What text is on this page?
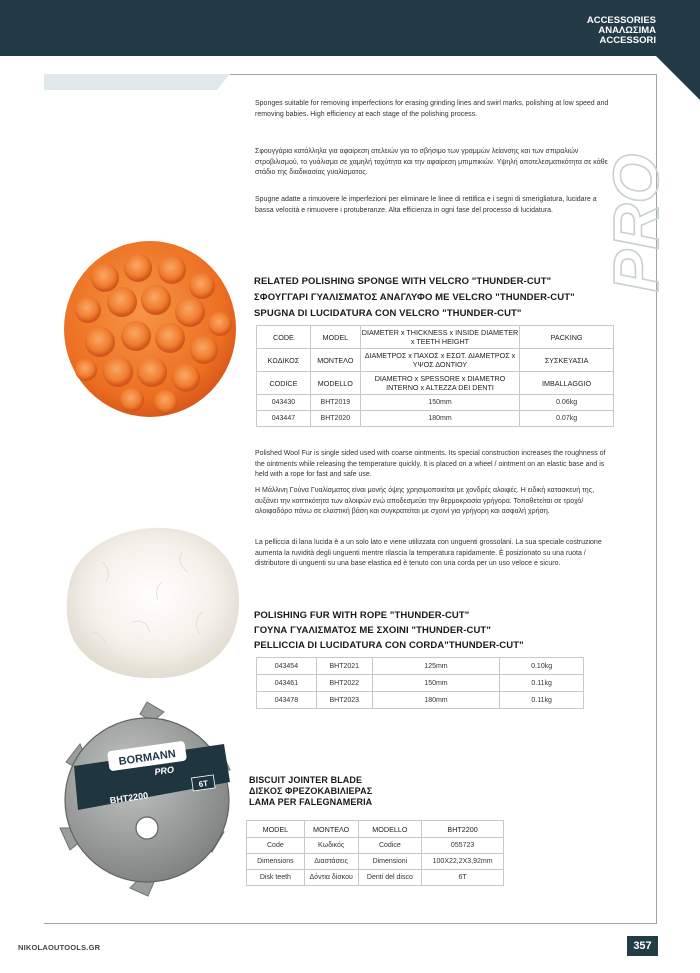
ACCESSORIES
ΑΝΑΛΩΣΙΜΑ
ACCESSORI
PRO
Sponges suitable for removing imperfections for erasing grinding lines and swirl marks, polishing at low speed and removing babies. High efficiency at each stage of the polishing process.
Σφουγγάρια κατάλληλα για αφαίρεση ατελειών για το σβήσιμο των γραμμών λείανσης και των σπιραλιών στροβιλισμού, το γυάλισμα σε χαμηλή ταχύτητα και την αφαίρεση μπιμπικιών. Υψηλή αποτελεσματικότητα σε κάθε στάδιο της διαδικασίας γυαλίσματος.
Spugne adatte a rimuovere le imperfezioni per eliminare le linee di rettifica e i segni di smerigliatura, lucidare a bassa velocità e rimuovere i protuberanze. Alta efficienza in ogni fase del processo di lucidatura.
RELATED POLISHING SPONGE WITH VELCRO "THUNDER-CUT"
ΣΦΟΥΓΓΑΡΙ ΓΥΑΛΙΣΜΑΤΟΣ ΑΝΑΓΛΥΦΟ ΜΕ VELCRO "THUNDER-CUT"
SPUGNA DI LUCIDATURA CON VELCRO "THUNDER-CUT"
CODE	MODEL	DIAMETER x THICKNESS x INSIDE DIAMETER x TEETH HEIGHT	PACKING
ΚΩΔΙΚΟΣ	ΜΟΝΤΕΛΟ	ΔΙΑΜΕΤΡΟΣ x ΠΑΧΟΣ x ΕΣΩΤ. ΔΙΑΜΕΤΡΟΣ x ΥΨΟΣ ΔΟΝΤΙΟΥ	ΣΥΣΚΕΥΑΣΙΑ
CODICE	MODELLO	DIAMETRO x SPESSORE x DIAMETRO INTERNO x ALTEZZA DEI DENTI	IMBALLAGGIO
043430	BHT2019	150mm	0.06kg
043447	BHT2020	180mm	0.07kg
Polished Wool Fur is single sided used with coarse ointments. Its special construction increases the roughness of the ointments while releasing the temperature quickly. It is placed on a wheel / ointment on an elastic base and is held with a rope for fast and safe use.
Η Μάλλινη Γούνα Γυαλίσματος είναι μονής όψης χρησιμοποιείται με χονδρές αλοιφές. Η ειδική κατασκευή της, αυξάνει την κοπτικότητα των αλοιφών ενώ αποδεσμεύει την θερμοκρασία γρήγορα. Τοποθετείται σε τροχό/αλοιφαδόρο πάνω σε ελαστική βάση και συγκρατείται με σχοινί για γρήγορη και ασφαλή χρήση.
La pelliccia di lana lucida è a un solo lato e viene utilizzata con unguenti grossolani. La sua speciale costruzione aumenta la ruvidità degli unguenti mentre rilascia la temperatura rapidamente. È posizionato su una ruota / distributore di unguenti su una base elastica ed è tenuto con una corda per un uso veloce e sicuro.
POLISHING FUR WITH ROPE "THUNDER-CUT"
ΓΟΥΝΑ ΓΥΑΛΙΣΜΑΤΟΣ ΜΕ ΣΧΟΙΝΙ "THUNDER-CUT"
PELLICCIA DI LUCIDATURA CON CORDA"THUNDER-CUT"
043454	BHT2021	125mm	0.10kg
043461	BHT2022	150mm	0.11kg
043478	BHT2023	180mm	0.11kg
BORMANN
PRO
BHT2200
6T	BISCUIT JOINTER BLADE
ΔΙΣΚΟΣ ΦΡΕΖΟΚΑΒΙΛΙΕΡΑΣ
LAMA PER FALEGNAMERIA
MODEL	ΜΟΝΤΕΛΟ	MODELLO	BHT2200
Code	Κωδικός	Codice	055723
Dimensions	Διαστάσεις	Dimensioni	100X22,2X3,92mm
Disk teeth	Δόντια δίσκου	Denti del disco	6T
NIKOLAOUTOOLS.GR	357
